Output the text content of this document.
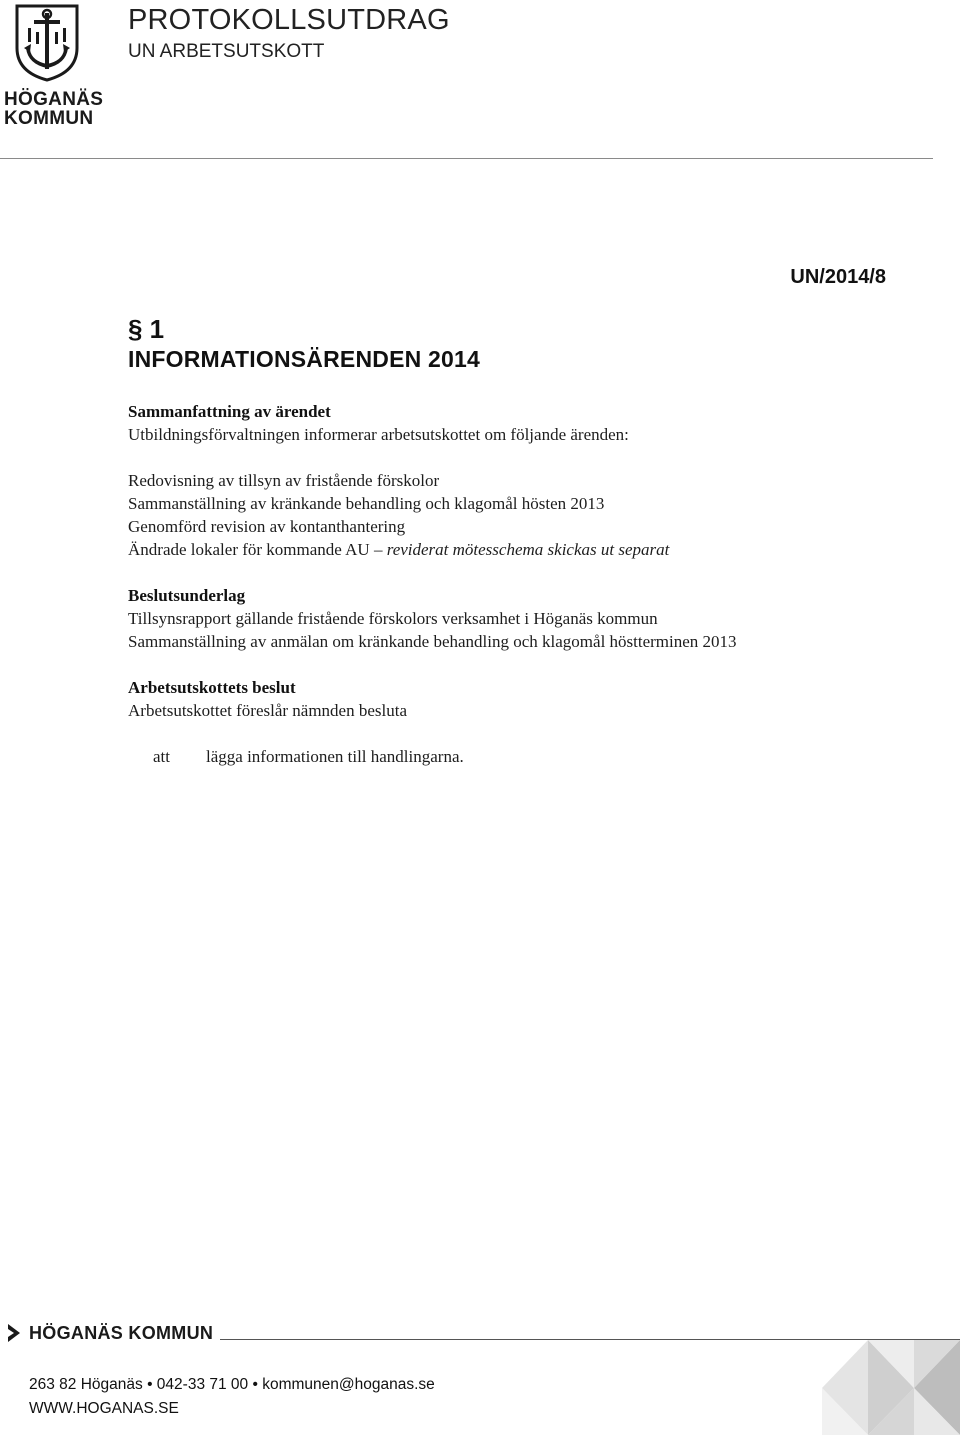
HÖGANÄS
KOMMUN
PROTOKOLLSUTDRAG
UN ARBETSUTSKOTT
UN/2014/8
§ 1
INFORMATIONSÄRENDEN 2014
Sammanfattning av ärendet
Utbildningsförvaltningen informerar arbetsutskottet om följande ärenden:
Redovisning av tillsyn av fristående förskolor
Sammanställning av kränkande behandling och klagomål hösten 2013
Genomförd revision av kontanthantering
Ändrade lokaler för kommande AU – reviderat mötesschema skickas ut separat
Beslutsunderlag
Tillsynsrapport gällande fristående förskolors verksamhet i Höganäs kommun
Sammanställning av anmälan om kränkande behandling och klagomål höstterminen 2013
Arbetsutskottets beslut
Arbetsutskottet föreslår nämnden besluta
att lägga informationen till handlingarna.
HÖGANÄS KOMMUN
263 82 Höganäs • 042-33 71 00 • kommunen@hoganas.se
WWW.HOGANAS.SE
